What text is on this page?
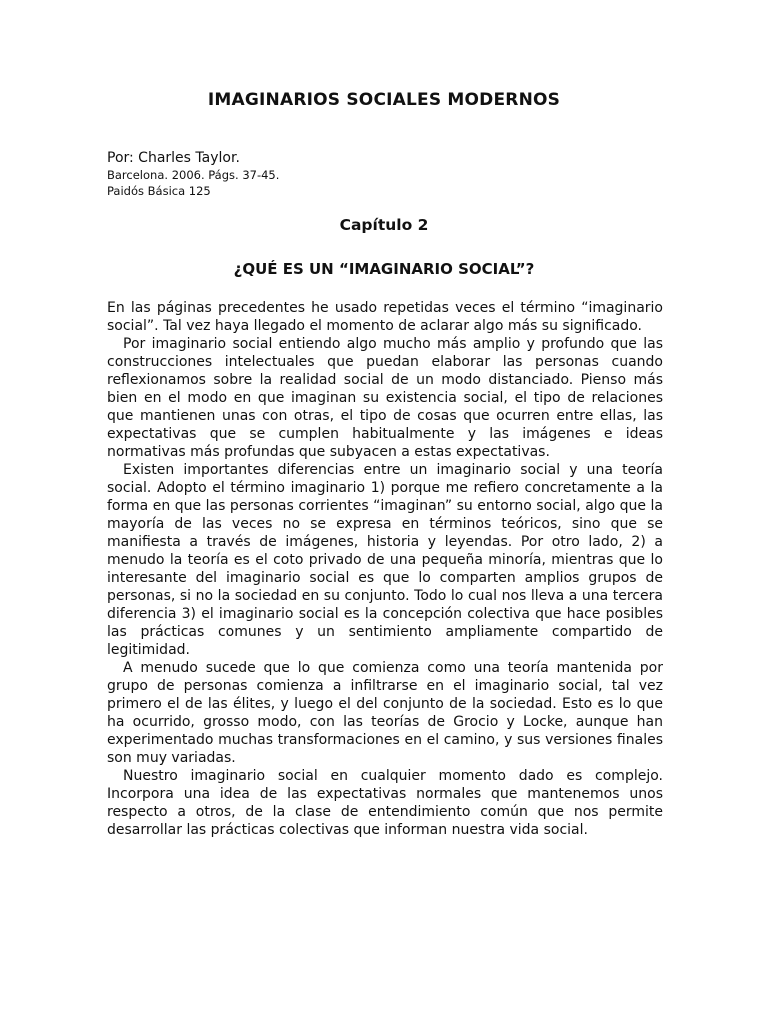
IMAGINARIOS SOCIALES MODERNOS
Por: Charles Taylor.
Barcelona. 2006. Págs. 37-45.
Paidós Básica 125
Capítulo 2
¿QUÉ ES UN “IMAGINARIO SOCIAL”?

En las páginas precedentes he usado repetidas veces el término “imaginario social”. Tal vez haya llegado el momento de aclarar algo más su significado.

Por imaginario social entiendo algo mucho más amplio y profundo que las construcciones intelectuales que puedan elaborar las personas cuando reflexionamos sobre la realidad social de un modo distanciado. Pienso más bien en el modo en que imaginan su existencia social, el tipo de relaciones que mantienen unas con otras, el tipo de cosas que ocurren entre ellas, las expectativas que se cumplen habitualmente y las imágenes e ideas normativas más profundas que subyacen a estas expectativas.

Existen importantes diferencias entre un imaginario social y una teoría social. Adopto el término imaginario 1) porque me refiero concretamente a la forma en que las personas corrientes “imaginan” su entorno social, algo que la mayoría de las veces no se expresa en términos teóricos, sino que se manifiesta a través de imágenes, historia y leyendas. Por otro lado, 2) a menudo la teoría es el coto privado de una pequeña minoría, mientras que lo interesante del imaginario social es que lo comparten amplios grupos de personas, si no la sociedad en su conjunto. Todo lo cual nos lleva a una tercera diferencia 3) el imaginario social es la concepción colectiva que hace posibles las prácticas comunes y un sentimiento ampliamente compartido de legitimidad.

A menudo sucede que lo que comienza como una teoría mantenida por grupo de personas comienza a infiltrarse en el imaginario social, tal vez primero el de las élites, y luego el del conjunto de la sociedad. Esto es lo que ha ocurrido, grosso modo, con las teorías de Grocio y Locke, aunque han experimentado muchas transformaciones en el camino, y sus versiones finales son muy variadas.

Nuestro imaginario social en cualquier momento dado es complejo. Incorpora una idea de las expectativas normales que mantenemos unos respecto a otros, de la clase de entendimiento común que nos permite desarrollar las prácticas colectivas que informan nuestra vida social.
